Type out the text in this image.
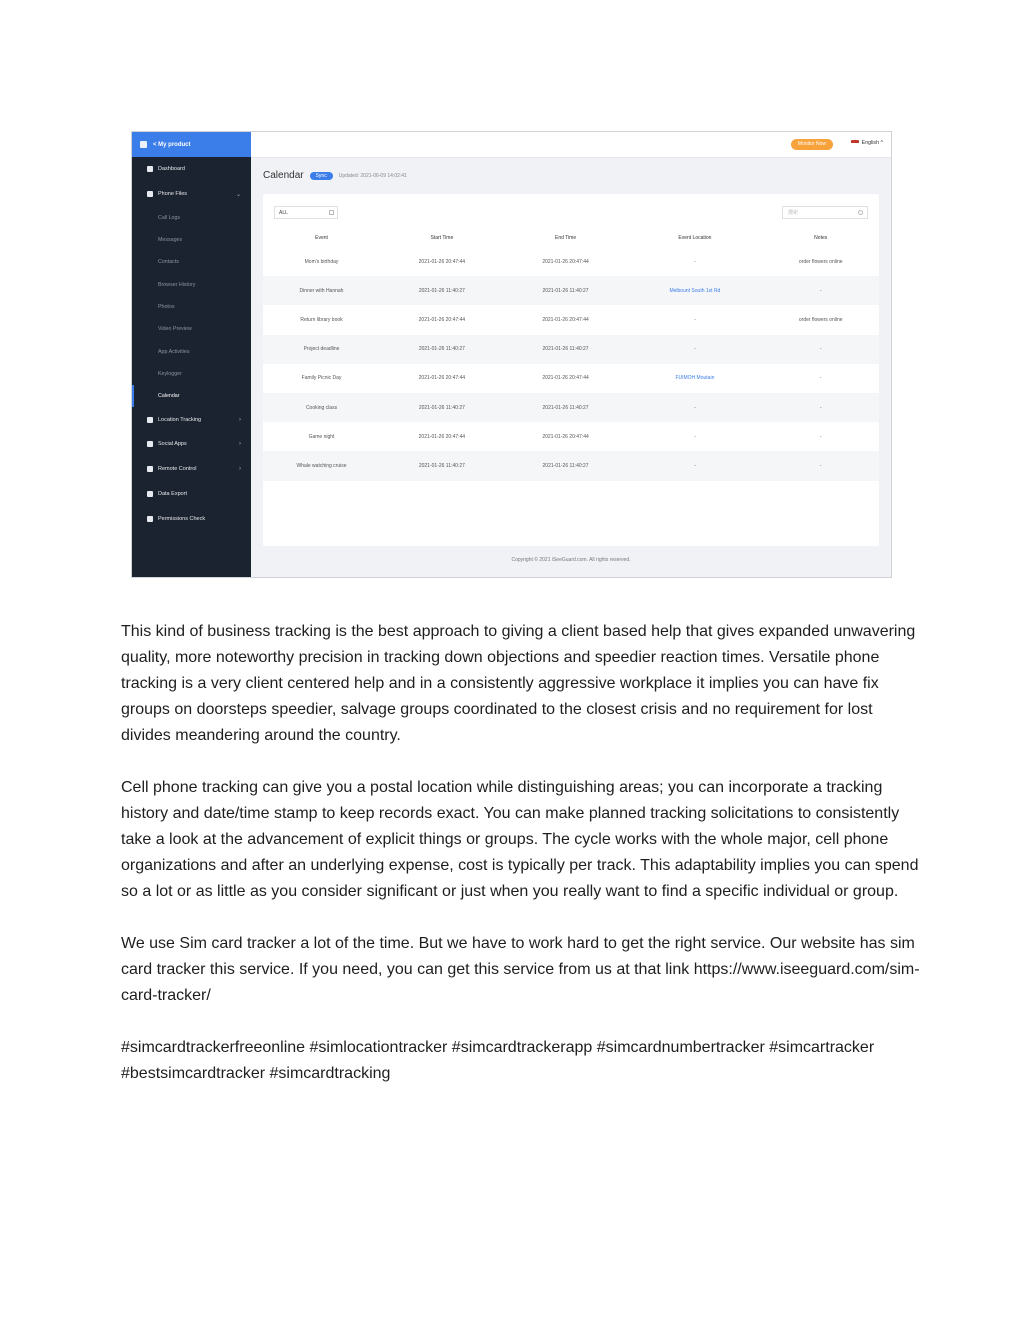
< My product
Dashboard
Phone Files	⌄
Call Logs
Messages
Contacts
Browser History
Photos
Video Preview
App Activities
Keylogger
Calendar
Location Tracking	›
Social Apps	›
Remote Control	›
Data Export
Permissions Check
Monitor Now	English ^
Calendar	Sync	Updated: 2021-06-09 14:02:41
ALL	搜索
Event	Start Time	End Time	Event Location	Notes
Mom's birthday	2021-01-26 20:47:44	2021-01-26 20:47:44	-	order flowers online
Dinner with Hannah	2021-01-26 11:40:27	2021-01-26 11:40:27	Melbount South 1st Rd	-
Return library book	2021-01-26 20:47:44	2021-01-26 20:47:44	-	order flowers online
Project deadline	2021-01-26 11:40:27	2021-01-26 11:40:27	-	-
Family Picnic Day	2021-01-26 20:47:44	2021-01-26 20:47:44	FUIMOH Moutain	-
Cooking class	2021-01-26 11:40:27	2021-01-26 11:40:27	-	-
Game night	2021-01-26 20:47:44	2021-01-26 20:47:44	-	-
Whale watching cruise	2021-01-26 11:40:27	2021-01-26 11:40:27	-	-
Copyright © 2021 iSeeGuard.com. All rights reserved.

This kind of business tracking is the best approach to giving a client based help that gives expanded unwavering quality, more noteworthy precision in tracking down objections and speedier reaction times. Versatile phone tracking is a very client centered help and in a consistently aggressive workplace it implies you can have fix groups on doorsteps speedier, salvage groups coordinated to the closest crisis and no requirement for lost divides meandering around the country.

Cell phone tracking can give you a postal location while distinguishing areas; you can incorporate a tracking history and date/time stamp to keep records exact. You can make planned tracking solicitations to consistently take a look at the advancement of explicit things or groups. The cycle works with the whole major, cell phone organizations and after an underlying expense, cost is typically per track. This adaptability implies you can spend so a lot or as little as you consider significant or just when you really want to find a specific individual or group.

We use Sim card tracker a lot of the time. But we have to work hard to get the right service. Our website has sim card tracker this service. If you need, you can get this service from us at that link https://www.iseeguard.com/sim-card-tracker/

#simcardtrackerfreeonline #simlocationtracker #simcardtrackerapp #simcardnumbertracker #simcartracker #bestsimcardtracker #simcardtracking
